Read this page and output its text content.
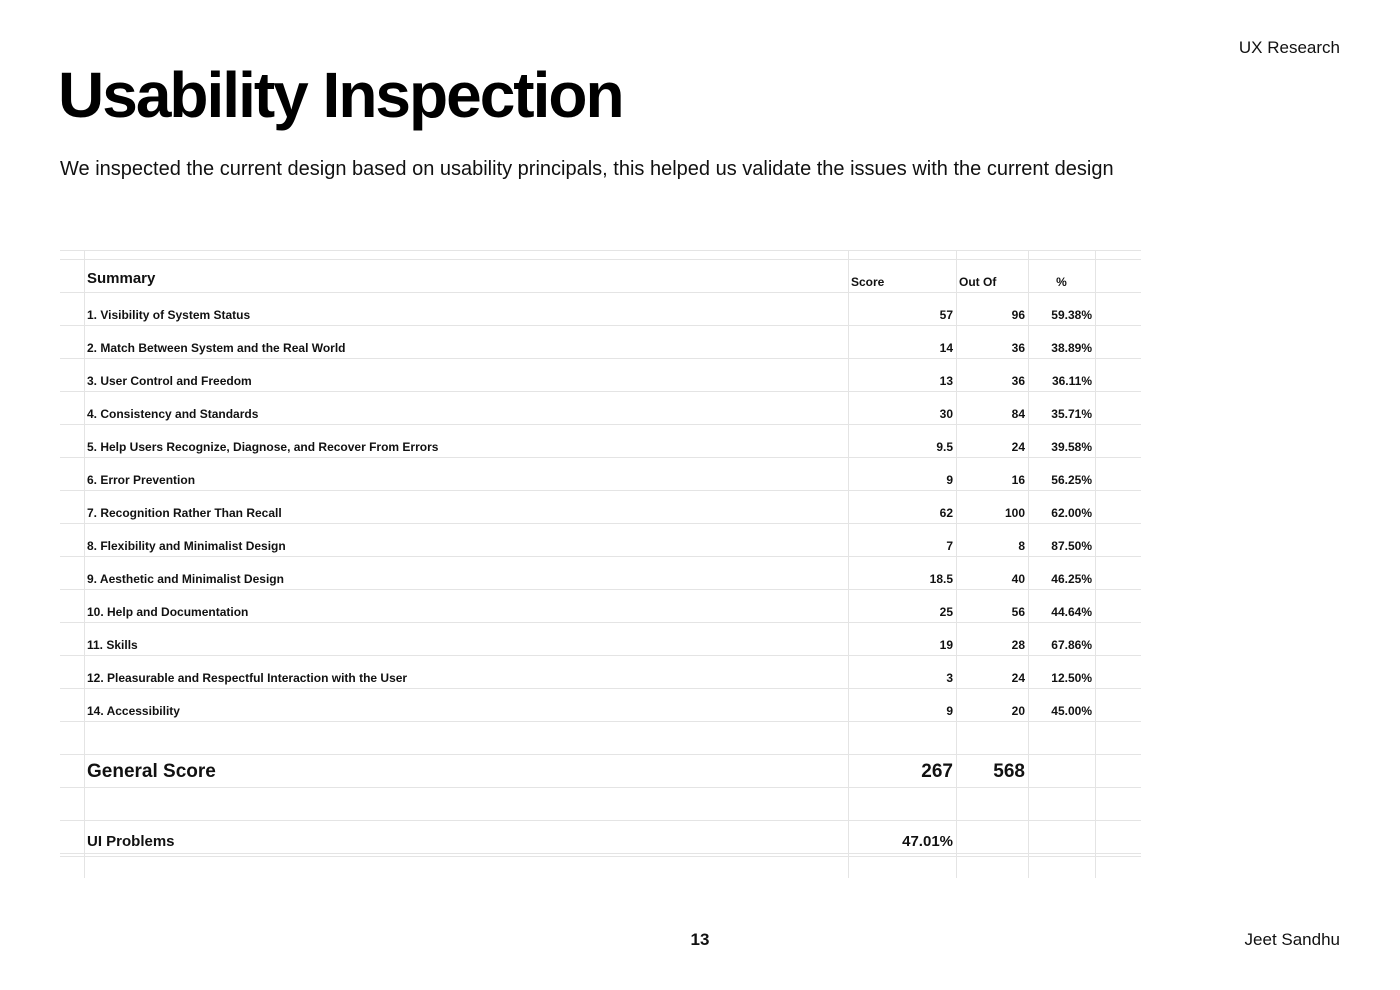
UX Research
Usability Inspection

We inspected the current design based on usability principals, this helped us validate the issues with the current design

	Summary	Score	Out Of	%	
	1. Visibility of System Status	57	96	59.38%	
	2. Match Between System and the Real World	14	36	38.89%	
	3. User Control and Freedom	13	36	36.11%	
	4. Consistency and Standards	30	84	35.71%	
	5. Help Users Recognize, Diagnose, and Recover From Errors	9.5	24	39.58%	
	6. Error Prevention	9	16	56.25%	
	7. Recognition Rather Than Recall	62	100	62.00%	
	8. Flexibility and Minimalist Design	7	8	87.50%	
	9. Aesthetic and Minimalist Design	18.5	40	46.25%	
	10. Help and Documentation	25	56	44.64%	
	11. Skills	19	28	67.86%	
	12. Pleasurable and Respectful Interaction with the User	3	24	12.50%	
	14. Accessibility	9	20	45.00%	

	General Score	267	568		

	UI Problems	47.01%			
13	Jeet Sandhu
